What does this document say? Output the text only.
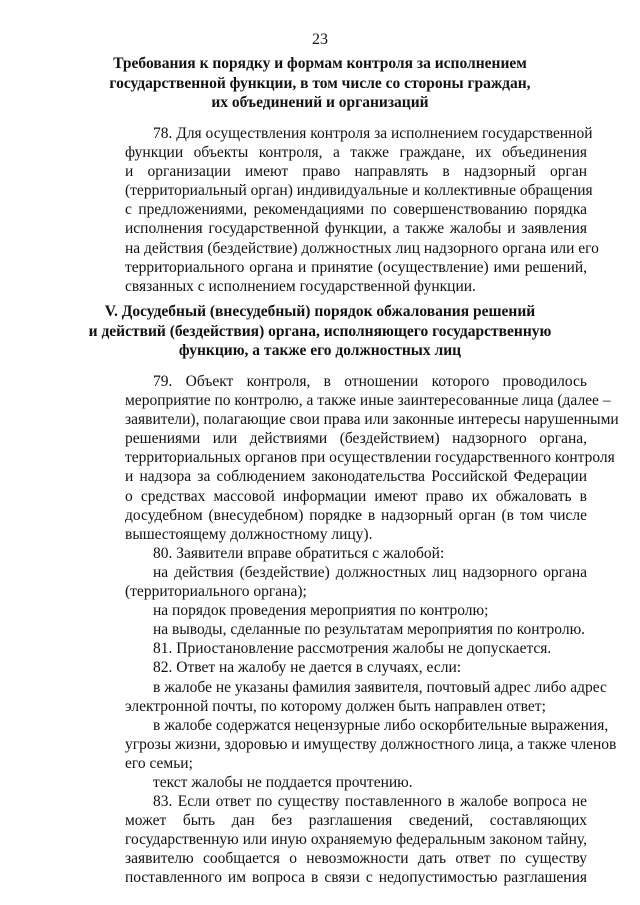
23
Требования к порядку и формам контроля за исполнением
государственной функции, в том числе со стороны граждан,
их объединений и организаций
78. Для осуществления контроля за исполнением государственной
функции объекты контроля, а также граждане, их объединения
и организации имеют право направлять в надзорный орган
(территориальный орган) индивидуальные и коллективные обращения
с предложениями, рекомендациями по совершенствованию порядка
исполнения государственной функции, а также жалобы и заявления
на действия (бездействие) должностных лиц надзорного органа или его
территориального органа и принятие (осуществление) ими решений,
связанных с исполнением государственной функции.
V. Досудебный (внесудебный) порядок обжалования решений
и действий (бездействия) органа, исполняющего государственную
функцию, а также его должностных лиц
79. Объект контроля, в отношении которого проводилось
мероприятие по контролю, а также иные заинтересованные лица (далее –
заявители), полагающие свои права или законные интересы нарушенными
решениями или действиями (бездействием) надзорного органа,
территориальных органов при осуществлении государственного контроля
и надзора за соблюдением законодательства Российской Федерации
о средствах массовой информации имеют право их обжаловать в
досудебном (внесудебном) порядке в надзорный орган (в том числе
вышестоящему должностному лицу).
80. Заявители вправе обратиться с жалобой:
на действия (бездействие) должностных лиц надзорного органа
(территориального органа);
на порядок проведения мероприятия по контролю;
на выводы, сделанные по результатам мероприятия по контролю.
81. Приостановление рассмотрения жалобы не допускается.
82. Ответ на жалобу не дается в случаях, если:
в жалобе не указаны фамилия заявителя, почтовый адрес либо адрес
электронной почты, по которому должен быть направлен ответ;
в жалобе содержатся нецензурные либо оскорбительные выражения,
угрозы жизни, здоровью и имуществу должностного лица, а также членов
его семьи;
текст жалобы не поддается прочтению.
83. Если ответ по существу поставленного в жалобе вопроса не
может быть дан без разглашения сведений, составляющих
государственную или иную охраняемую федеральным законом тайну,
заявителю сообщается о невозможности дать ответ по существу
поставленного им вопроса в связи с недопустимостью разглашения
